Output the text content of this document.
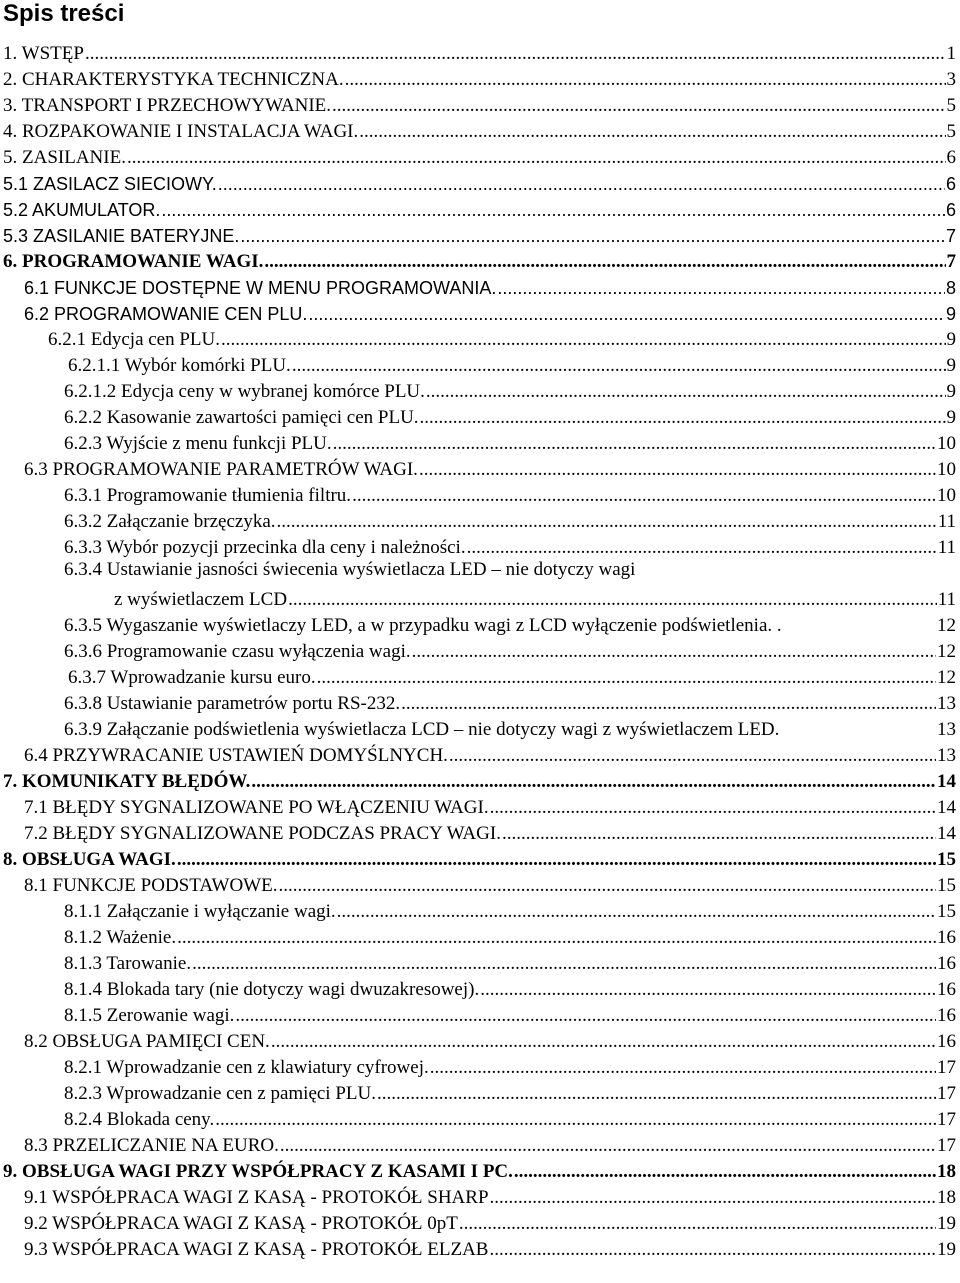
Spis treści
1. WSTĘP .....	1
2. CHARAKTERYSTYKA TECHNICZNA. .....	3
3. TRANSPORT I PRZECHOWYWANIE. .....	5
4. ROZPAKOWANIE I INSTALACJA WAGI. .....	5
5. ZASILANIE. .....	6
5.1 ZASILACZ SIECIOWY. .....	6
5.2 AKUMULATOR. .....	6
5.3 ZASILANIE BATERYJNE. .....	7
6. PROGRAMOWANIE WAGI. .....	7
6.1 FUNKCJE DOSTĘPNE W MENU PROGRAMOWANIA. .....	8
6.2 PROGRAMOWANIE CEN PLU. .....	9
6.2.1 Edycja cen PLU. .....	9
6.2.1.1 Wybór komórki PLU. .....	9
6.2.1.2 Edycja ceny w wybranej komórce PLU. .....	9
6.2.2 Kasowanie zawartości pamięci cen PLU. .....	9
6.2.3 Wyjście z menu funkcji PLU. .....	10
6.3 PROGRAMOWANIE PARAMETRÓW WAGI. .....	10
6.3.1 Programowanie tłumienia filtru. .....	10
6.3.2 Załączanie brzęczyka. .....	11
6.3.3 Wybór pozycji przecinka dla ceny i należności. .....	11
6.3.4 Ustawianie jasności świecenia wyświetlacza LED – nie dotyczy wagi
z wyświetlaczem LCD .....	11
6.3.5 Wygaszanie wyświetlaczy LED, a w przypadku wagi z LCD wyłączenie podświetlenia. .	12
6.3.6 Programowanie czasu wyłączenia wagi. .....	12
6.3.7 Wprowadzanie kursu euro. .....	12
6.3.8 Ustawianie parametrów portu RS-232. .....	13
6.3.9 Załączanie podświetlenia wyświetlacza LCD – nie dotyczy wagi z wyświetlaczem LED.	13
6.4 PRZYWRACANIE USTAWIEŃ DOMYŚLNYCH. .....	13
7. KOMUNIKATY BŁĘDÓW. .....	14
7.1 BŁĘDY SYGNALIZOWANE PO WŁĄCZENIU WAGI. .....	14
7.2 BŁĘDY SYGNALIZOWANE PODCZAS PRACY WAGI. .....	14
8. OBSŁUGA WAGI. .....	15
8.1 FUNKCJE PODSTAWOWE. .....	15
8.1.1 Załączanie i wyłączanie wagi. .....	15
8.1.2 Ważenie. .....	16
8.1.3 Tarowanie. .....	16
8.1.4 Blokada tary (nie dotyczy wagi dwuzakresowej). .....	16
8.1.5 Zerowanie wagi. .....	16
8.2 OBSŁUGA PAMIĘCI CEN. .....	16
8.2.1 Wprowadzanie cen z klawiatury cyfrowej. .....	17
8.2.3 Wprowadzanie cen z pamięci PLU. .....	17
8.2.4 Blokada ceny. .....	17
8.3 PRZELICZANIE NA EURO. .....	17
9. OBSŁUGA WAGI PRZY WSPÓŁPRACY Z KASAMI I PC. .....	18
9.1 WSPÓŁPRACA WAGI Z KASĄ - PROTOKÓŁ SHARP .....	18
9.2 WSPÓŁPRACA WAGI Z KASĄ - PROTOKÓŁ 0pT .....	19
9.3 WSPÓŁPRACA WAGI Z KASĄ - PROTOKÓŁ ELZAB .....	19
